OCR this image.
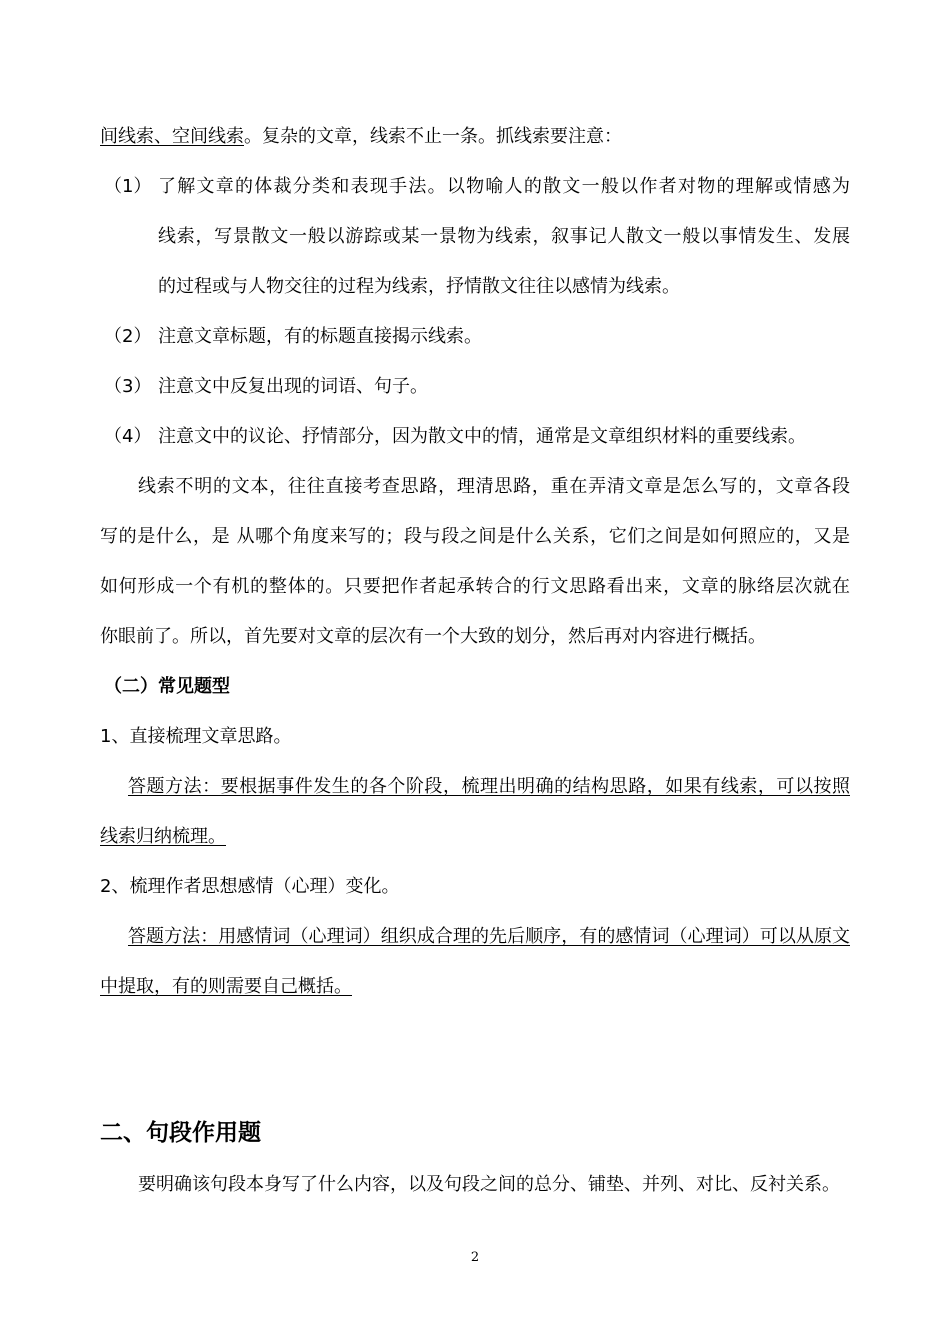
间线索、空间线索。复杂的文章，线索不止一条。抓线索要注意：

（1） 了解文章的体裁分类和表现手法。以物喻人的散文一般以作者对物的理解或情感为

线索，写景散文一般以游踪或某一景物为线索，叙事记人散文一般以事情发生、发展

的过程或与人物交往的过程为线索，抒情散文往往以感情为线索。

（2） 注意文章标题，有的标题直接揭示线索。

（3） 注意文中反复出现的词语、句子。

（4） 注意文中的议论、抒情部分，因为散文中的情，通常是文章组织材料的重要线索。

线索不明的文本，往往直接考查思路，理清思路，重在弄清文章是怎么写的，文章各段

写的是什么，是 从哪个角度来写的；段与段之间是什么关系，它们之间是如何照应的，又是

如何形成一个有机的整体的。只要把作者起承转合的行文思路看出来，文章的脉络层次就在

你眼前了。所以，首先要对文章的层次有一个大致的划分，然后再对内容进行概括。

（二）常见题型

1、直接梳理文章思路。

答题方法：要根据事件发生的各个阶段，梳理出明确的结构思路，如果有线索，可以按照

线索归纳梳理。

2、梳理作者思想感情（心理）变化。

答题方法：用感情词（心理词）组织成合理的先后顺序，有的感情词（心理词）可以从原文

中提取，有的则需要自己概括。

二、句段作用题

要明确该句段本身写了什么内容，以及句段之间的总分、铺垫、并列、对比、反衬关系。

2
